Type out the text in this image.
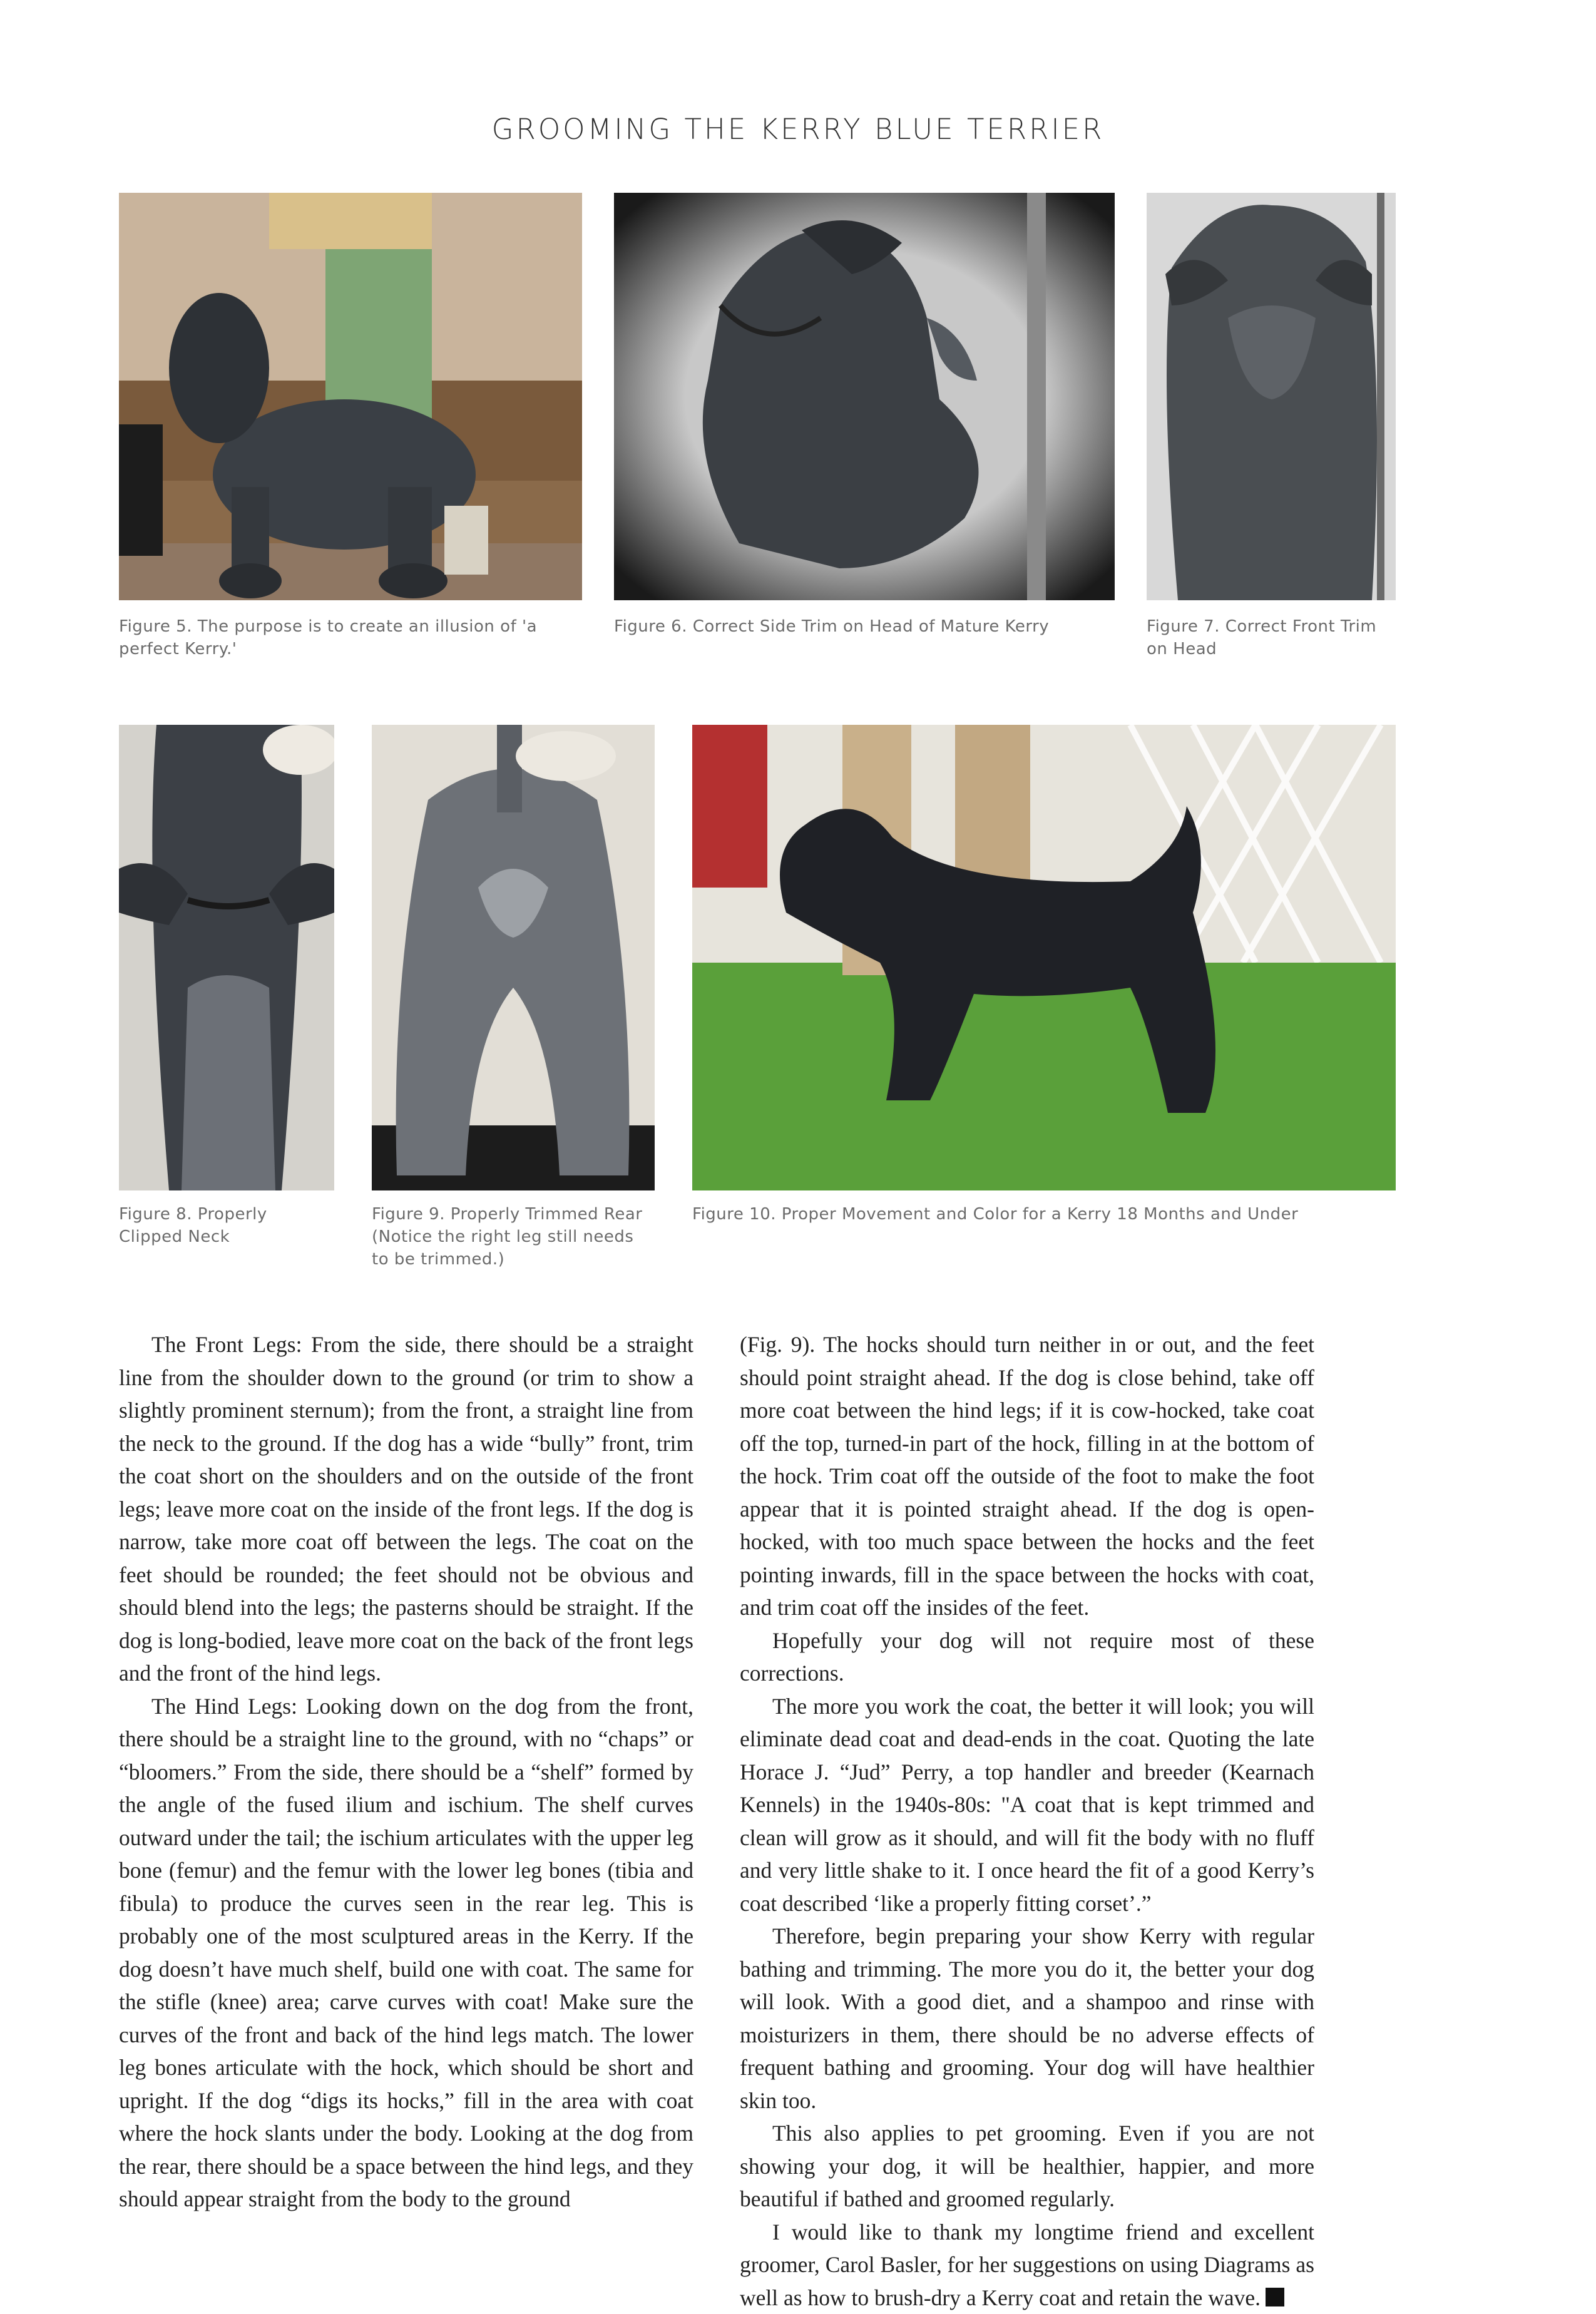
GROOMING THE KERRY BLUE TERRIER
Figure 5. The purpose is to create an illusion of 'a perfect Kerry.'
Figure 6. Correct Side Trim on Head of Mature Kerry	Figure 7. Correct Front Trim on Head
Figure 8. Properly Clipped Neck
Figure 9. Properly Trimmed Rear (Notice the right leg still needs to be trimmed.)
Figure 10. Proper Movement and Color for a Kerry 18 Months and Under

The Front Legs: From the side, there should be a straight line from the shoulder down to the ground (or trim to show a slightly prominent sternum); from the front, a straight line from the neck to the ground. If the dog has a wide “bully” front, trim the coat short on the shoulders and on the outside of the front legs; leave more coat on the inside of the front legs. If the dog is narrow, take more coat off between the legs. The coat on the feet should be rounded; the feet should not be obvious and should blend into the legs; the pasterns should be straight. If the dog is long-bodied, leave more coat on the back of the front legs and the front of the hind legs.

The Hind Legs: Looking down on the dog from the front, there should be a straight line to the ground, with no “chaps” or “bloomers.” From the side, there should be a “shelf” formed by the angle of the fused ilium and ischium. The shelf curves outward under the tail; the ischium articulates with the upper leg bone (femur) and the femur with the lower leg bones (tibia and fibula) to produce the curves seen in the rear leg. This is probably one of the most sculptured areas in the Kerry. If the dog doesn’t have much shelf, build one with coat. The same for the stifle (knee) area; carve curves with coat! Make sure the curves of the front and back of the hind legs match. The lower leg bones articulate with the hock, which should be short and upright. If the dog “digs its hocks,” fill in the area with coat where the hock slants under the body. Looking at the dog from the rear, there should be a space between the hind legs, and they should appear straight from the body to the ground

(Fig. 9). The hocks should turn neither in or out, and the feet should point straight ahead. If the dog is close behind, take off more coat between the hind legs; if it is cow-hocked, take coat off the top, turned-in part of the hock, filling in at the bottom of the hock. Trim coat off the outside of the foot to make the foot appear that it is pointed straight ahead. If the dog is open-hocked, with too much space between the hocks and the feet pointing inwards, fill in the space between the hocks with coat, and trim coat off the insides of the feet.

Hopefully your dog will not require most of these corrections.

The more you work the coat, the better it will look; you will eliminate dead coat and dead-ends in the coat. Quoting the late Horace J. “Jud” Perry, a top handler and breeder (Kearnach Kennels) in the 1940s-80s: "A coat that is kept trimmed and clean will grow as it should, and will fit the body with no fluff and very little shake to it. I once heard the fit of a good Kerry’s coat described ‘like a properly fitting corset’.”

Therefore, begin preparing your show Kerry with regular bathing and trimming. The more you do it, the better your dog will look. With a good diet, and a shampoo and rinse with moisturizers in them, there should be no adverse effects of frequent bathing and grooming. Your dog will have healthier skin too.

This also applies to pet grooming. Even if you are not showing your dog, it will be healthier, happier, and more beautiful if bathed and groomed regularly.

I would like to thank my longtime friend and excellent groomer, Carol Basler, for her suggestions on using Diagrams as well as how to brush-dry a Kerry coat and retain the wave.
